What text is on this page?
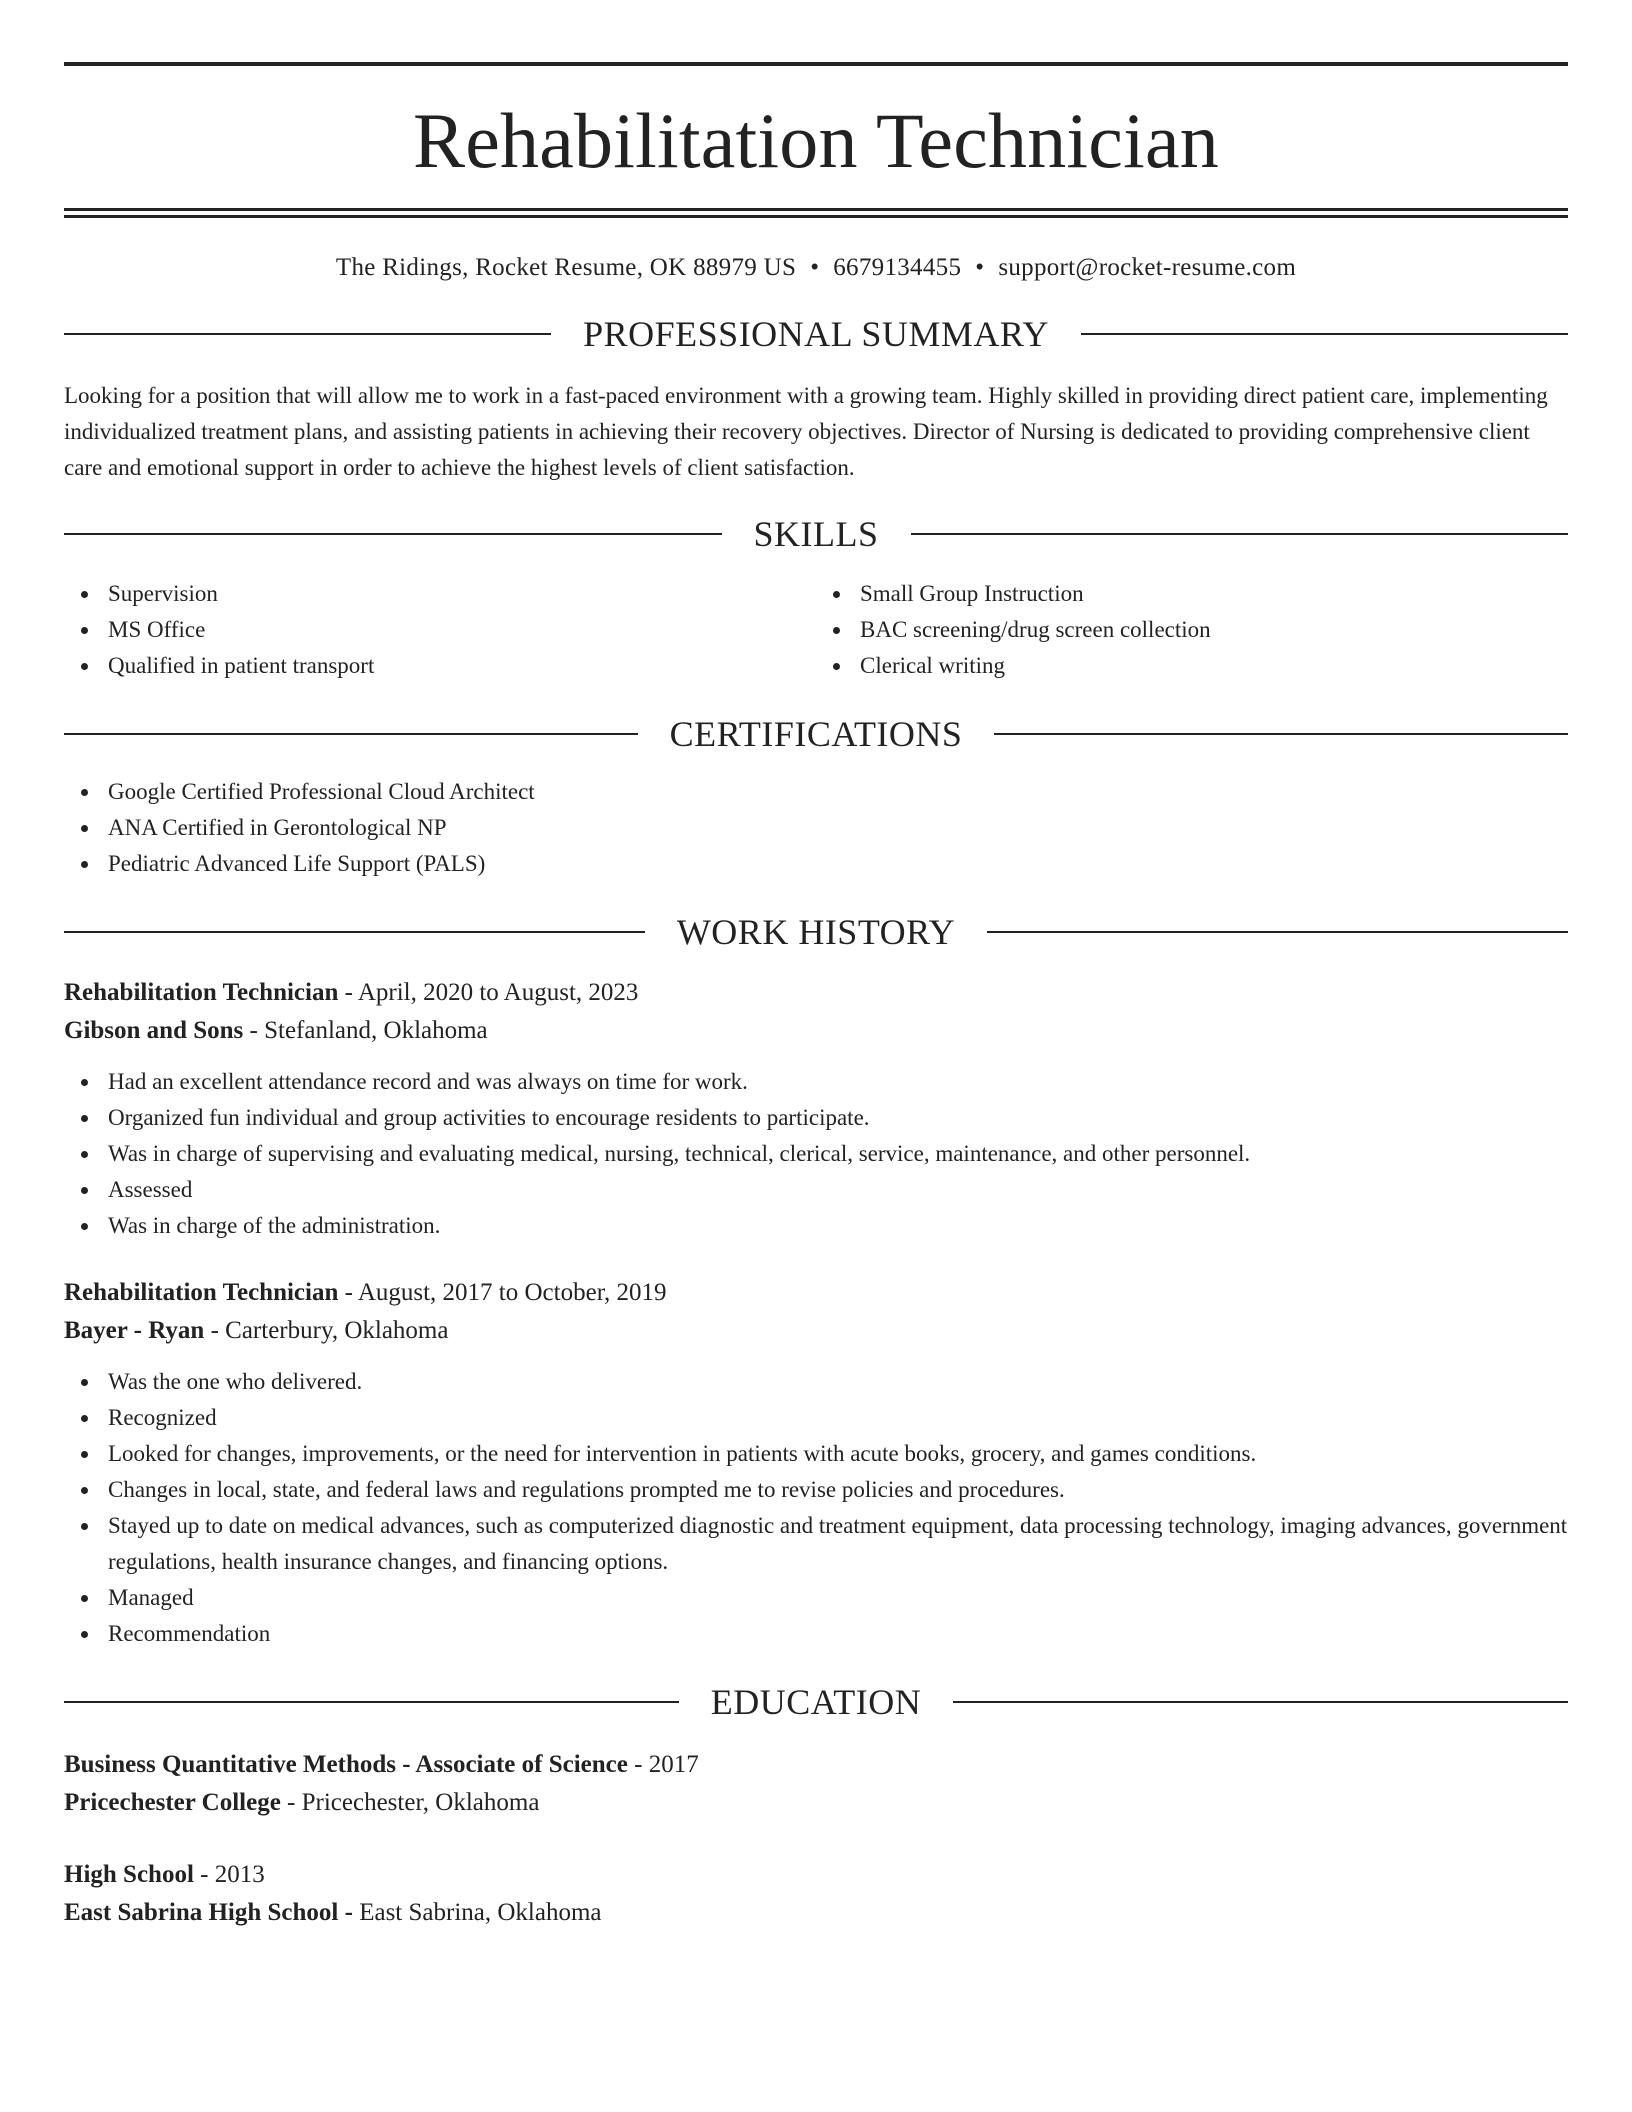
Rehabilitation Technician
The Ridings, Rocket Resume, OK 88979 US • 6679134455 • support@rocket-resume.com
PROFESSIONAL SUMMARY
Looking for a position that will allow me to work in a fast-paced environment with a growing team. Highly skilled in providing direct patient care, implementing individualized treatment plans, and assisting patients in achieving their recovery objectives. Director of Nursing is dedicated to providing comprehensive client care and emotional support in order to achieve the highest levels of client satisfaction.
SKILLS
Supervision
MS Office
Qualified in patient transport
Small Group Instruction
BAC screening/drug screen collection
Clerical writing
CERTIFICATIONS
Google Certified Professional Cloud Architect
ANA Certified in Gerontological NP
Pediatric Advanced Life Support (PALS)
WORK HISTORY
Rehabilitation Technician - April, 2020 to August, 2023
Gibson and Sons - Stefanland, Oklahoma
Had an excellent attendance record and was always on time for work.
Organized fun individual and group activities to encourage residents to participate.
Was in charge of supervising and evaluating medical, nursing, technical, clerical, service, maintenance, and other personnel.
Assessed
Was in charge of the administration.
Rehabilitation Technician - August, 2017 to October, 2019
Bayer - Ryan - Carterbury, Oklahoma
Was the one who delivered.
Recognized
Looked for changes, improvements, or the need for intervention in patients with acute books, grocery, and games conditions.
Changes in local, state, and federal laws and regulations prompted me to revise policies and procedures.
Stayed up to date on medical advances, such as computerized diagnostic and treatment equipment, data processing technology, imaging advances, government regulations, health insurance changes, and financing options.
Managed
Recommendation
EDUCATION
Business Quantitative Methods - Associate of Science - 2017
Pricechester College - Pricechester, Oklahoma
High School - 2013
East Sabrina High School - East Sabrina, Oklahoma
